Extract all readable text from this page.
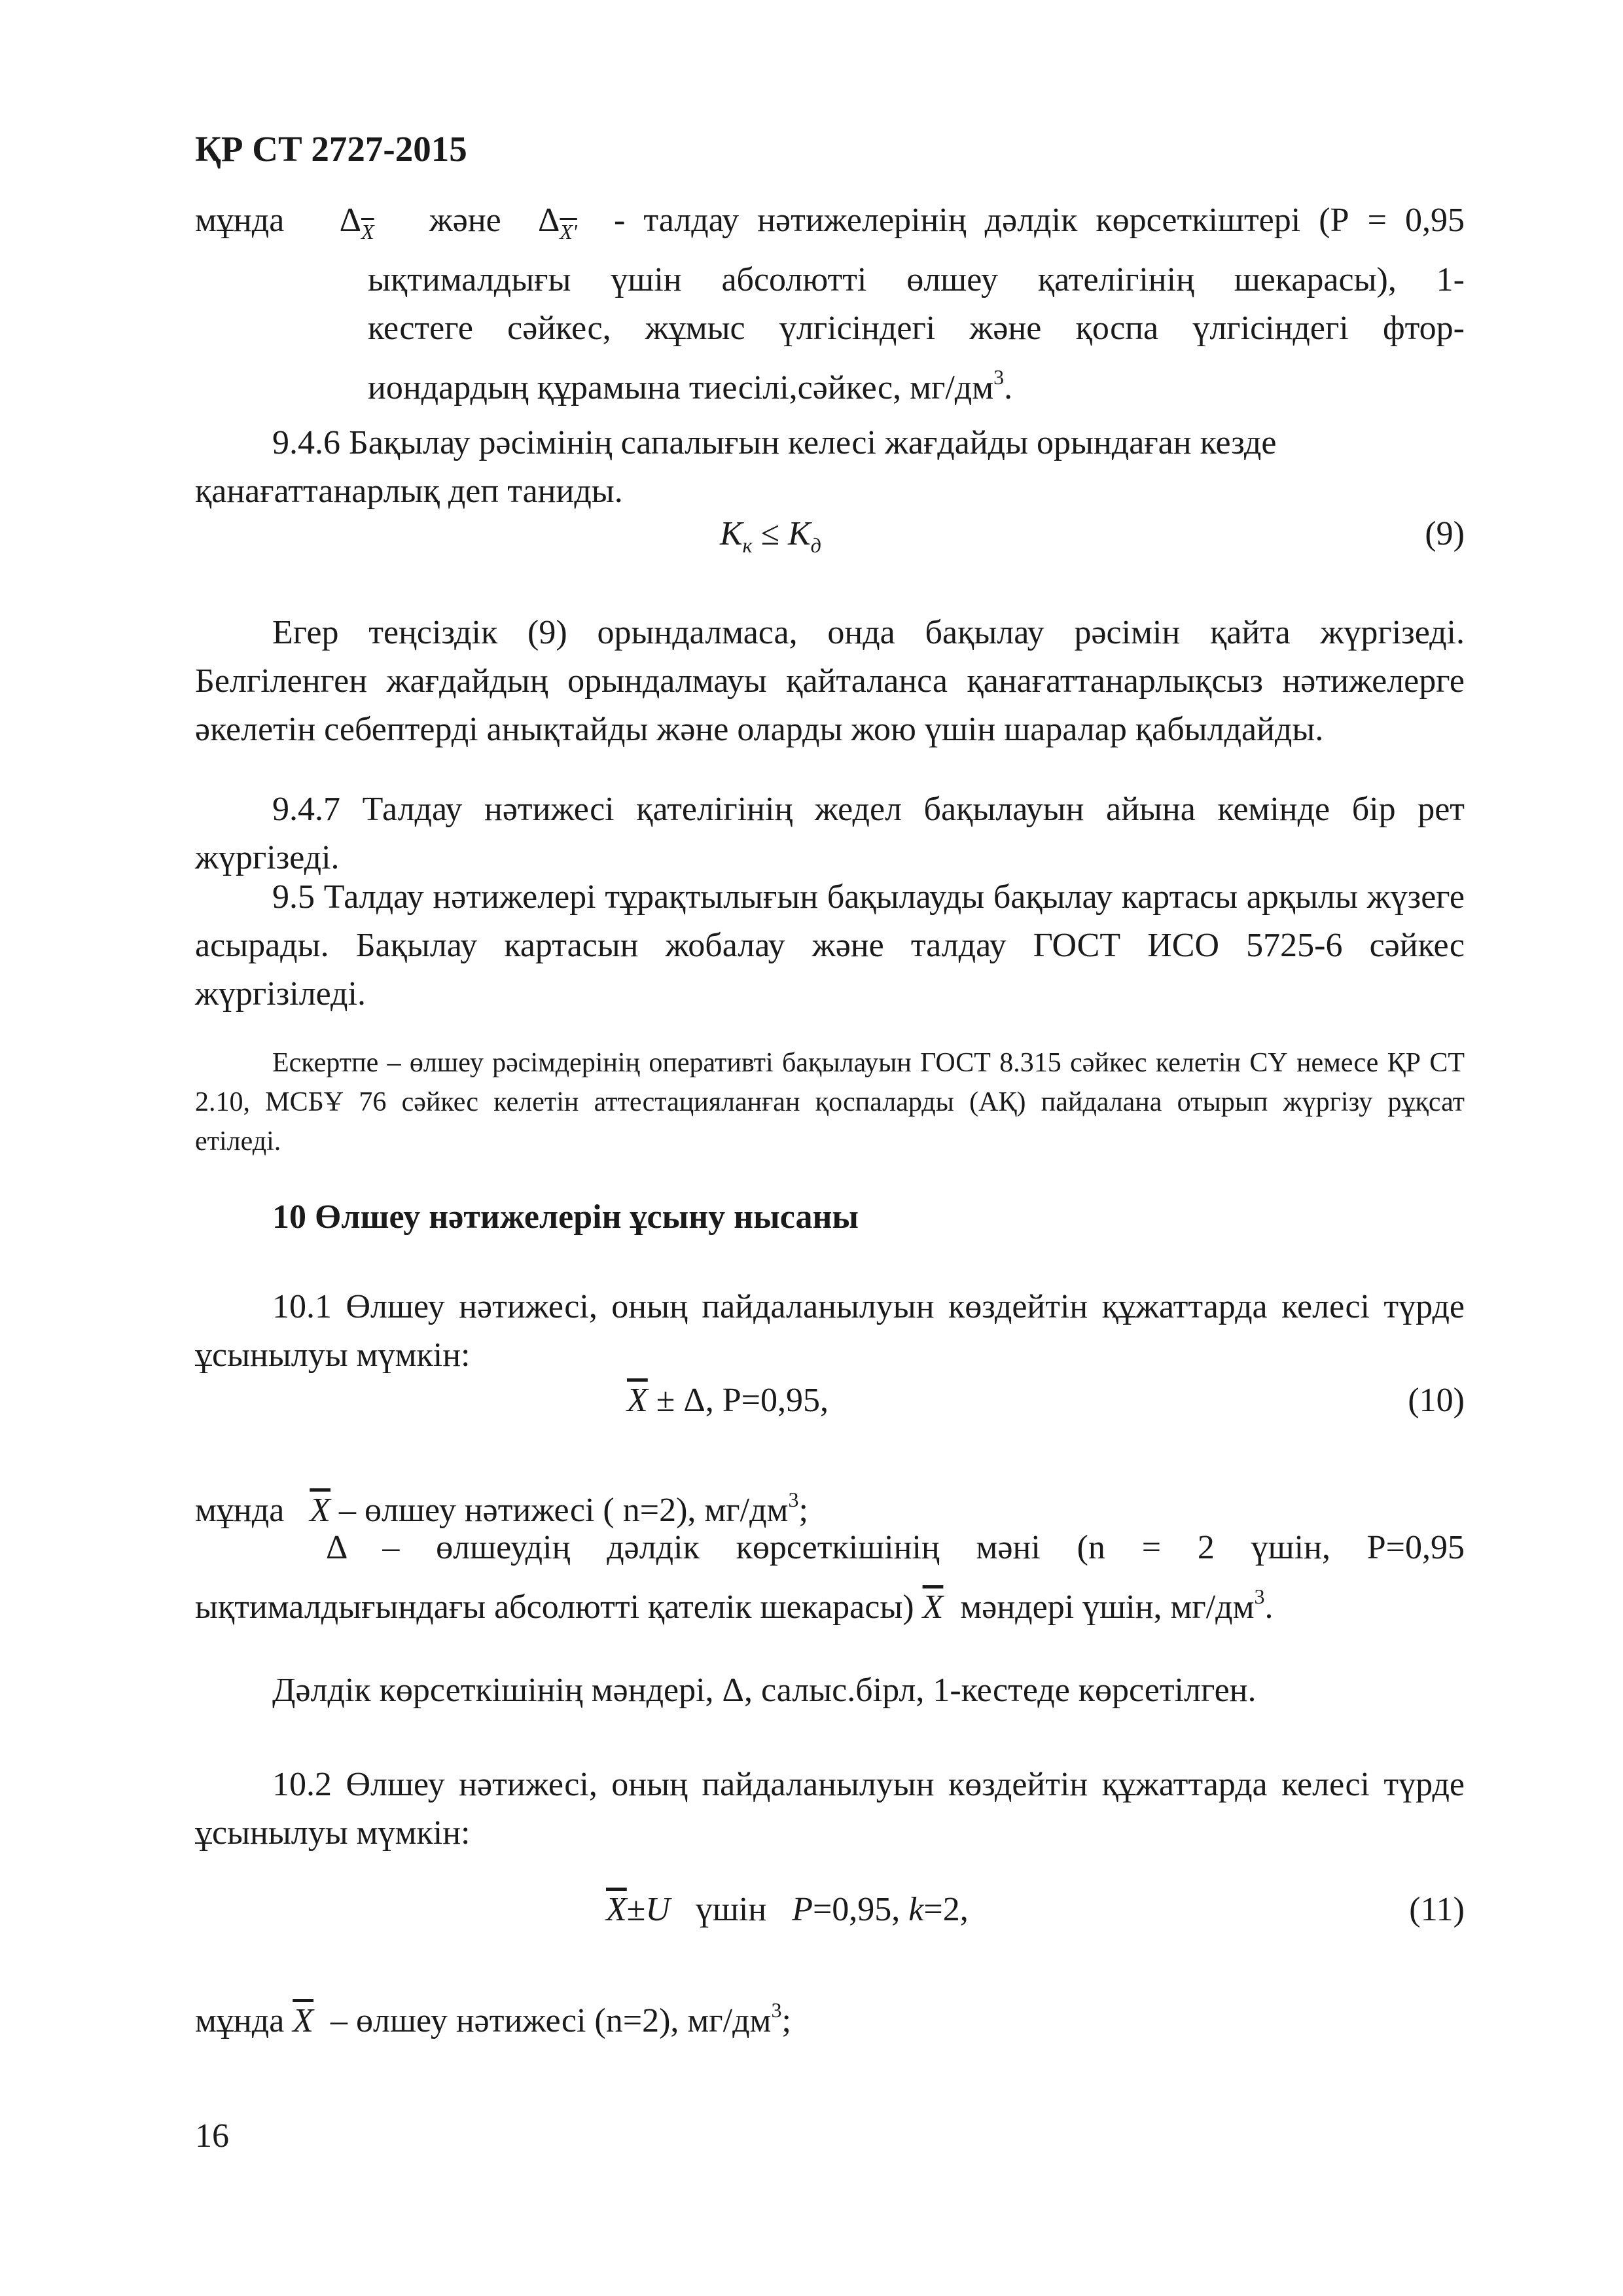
ҚР СТ 2727-2015
мұнда $\Delta_{\overline{X}}$ және $\Delta_{X'}$ - талдау нәтижелерінің дәлдік көрсеткіштері (Р = 0,95
ықтималдығы үшін абсолютті өлшеу қателігінің шекарасы), 1-
кестеге сәйкес, жұмыс үлгісіндегі және қоспа үлгісіндегі фтор-
иондардың құрамына тиесілі,сәйкес, $мг/дм^3$.
9.4.6 Бақылау рәсімінің сапалығын келесі жағдайды орындаған кезде қанағаттанарлық деп таниды.
$К_к \le К_д$	(9)
Егер теңсіздік (9) орындалмаса, онда бақылау рәсімін қайта жүргізеді. Белгіленген жағдайдың орындалмауы қайталанса қанағаттанарлықсыз нәтижелерге әкелетін себептерді анықтайды және оларды жою үшін шаралар қабылдайды.
9.4.7 Талдау нәтижесі қателігінің жедел бақылауын айына кемінде бір рет жүргізеді.
9.5 Талдау нәтижелері тұрақтылығын бақылауды бақылау картасы арқылы жүзеге асырады. Бақылау картасын жобалау және талдау ГОСТ ИСО 5725-6 сәйкес жүргізіледі.
Ескертпе – өлшеу рәсімдерінің оперативті бақылауын ГОСТ 8.315 сәйкес келетін СҮ немесе ҚР СТ 2.10, МСБҰ 76 сәйкес келетін аттестацияланған қоспаларды (АҚ) пайдалана отырып жүргізу рұқсат етіледі.
10 Өлшеу нәтижелерін ұсыну нысаны
10.1 Өлшеу нәтижесі, оның пайдаланылуын көздейтін құжаттарда келесі түрде ұсынылуы мүмкін:
$\overline{X} \pm \Delta$, Р=0,95,	(10)
мұнда $\overline{X}$ – өлшеу нәтижесі ( n=2), $мг/дм^3$;
Δ – өлшеудің дәлдік көрсеткішінің мәні (n = 2 үшін, Р=0,95
ықтималдығындағы абсолютті қателік шекарасы) $\overline{X}$ мәндері үшін, $мг/дм^3$.
Дәлдік көрсеткішінің мәндері, Δ, салыс.бірл, 1-кестеде көрсетілген.
10.2 Өлшеу нәтижесі, оның пайдаланылуын көздейтін құжаттарда келесі түрде ұсынылуы мүмкін:
$\overline{X}\pm U$ үшін P=0,95, k=2,	(11)
мұнда $\overline{X}$ – өлшеу нәтижесі (n=2), $мг/дм^3$;
16
